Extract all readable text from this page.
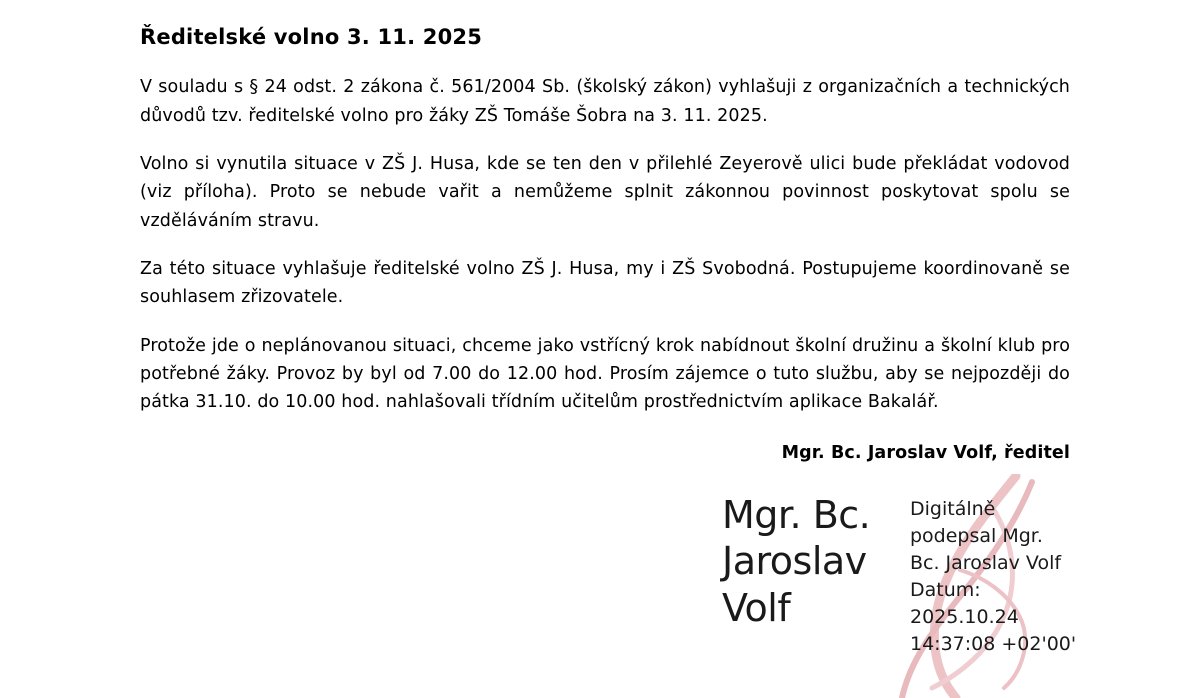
Ředitelské volno 3. 11. 2025

V souladu s § 24 odst. 2 zákona č. 561/2004 Sb. (školský zákon) vyhlašuji z organizačních a technických důvodů tzv. ředitelské volno pro žáky ZŠ Tomáše Šobra na 3. 11. 2025.

Volno si vynutila situace v ZŠ J. Husa, kde se ten den v přilehlé Zeyerově ulici bude překládat vodovod (viz příloha). Proto se nebude vařit a nemůžeme splnit zákonnou povinnost poskytovat spolu se vzděláváním stravu.

Za této situace vyhlašuje ředitelské volno ZŠ J. Husa, my i ZŠ Svobodná. Postupujeme koordinovaně se souhlasem zřizovatele.

Protože jde o neplánovanou situaci, chceme jako vstřícný krok nabídnout školní družinu a školní klub pro potřebné žáky. Provoz by byl od 7.00 do 12.00 hod. Prosím zájemce o tuto službu, aby se nejpozději do pátka 31.10. do 10.00 hod. nahlašovali třídním učitelům prostřednictvím aplikace Bakalář.

Mgr. Bc. Jaroslav Volf, ředitel
Mgr. Bc.
Jaroslav
Volf
Digitálně
podepsal Mgr.
Bc. Jaroslav Volf
Datum:
2025.10.24
14:37:08 +02'00'
